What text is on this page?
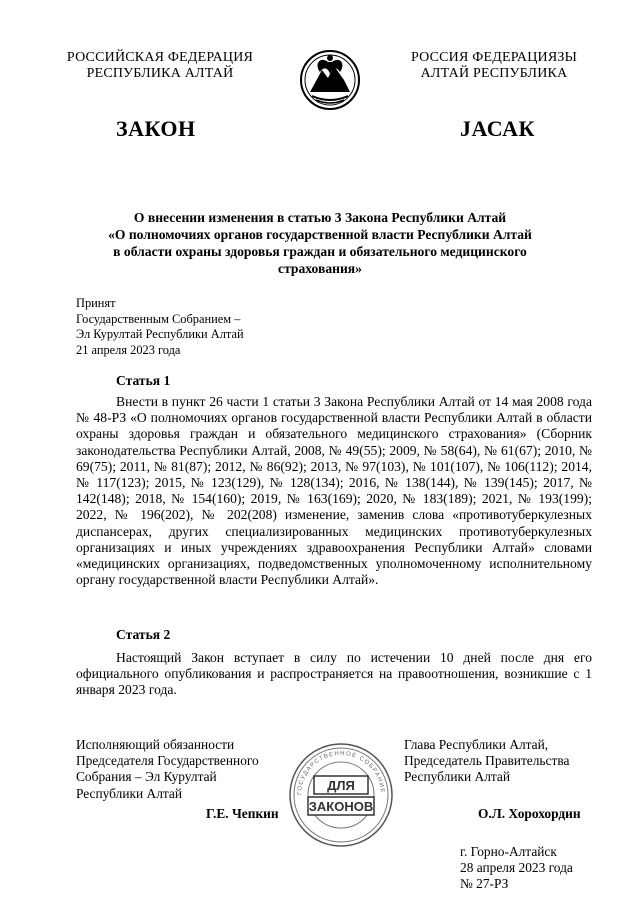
РОССИЙСКАЯ ФЕДЕРАЦИЯ
РЕСПУБЛИКА АЛТАЙ
РОССИЯ ФЕДЕРАЦИЯЗЫ
АЛТАЙ РЕСПУБЛИКА
ЗАКОН	ЈАСАК
О внесении изменения в статью 3 Закона Республики Алтай
«О полномочиях органов государственной власти Республики Алтай
в области охраны здоровья граждан и обязательного медицинского
страхования»
Принят
Государственным Собранием –
Эл Курултай Республики Алтай
21 апреля 2023 года
Статья 1

Внести в пункт 26 части 1 статьи 3 Закона Республики Алтай от 14 мая 2008 года № 48-РЗ «О полномочиях органов государственной власти Республики Алтай в области охраны здоровья граждан и обязательного медицинского страхования» (Сборник законодательства Республики Алтай, 2008, № 49(55); 2009, № 58(64), № 61(67); 2010, № 69(75); 2011, № 81(87); 2012, № 86(92); 2013, № 97(103), № 101(107), № 106(112); 2014, № 117(123); 2015, № 123(129), № 128(134); 2016, № 138(144), № 139(145); 2017, № 142(148); 2018, № 154(160); 2019, № 163(169); 2020, № 183(189); 2021, № 193(199); 2022, № 196(202), № 202(208) изменение, заменив слова «противотуберкулезных диспансерах, других специализированных медицинских противотуберкулезных организациях и иных учреждениях здравоохранения Республики Алтай» словами «медицинских организациях, подведомственных уполномоченному исполнительному органу государственной власти Республики Алтай».

Статья 2

Настоящий Закон вступает в силу по истечении 10 дней после дня его официального опубликования и распространяется на правоотношения, возникшие с 1 января 2023 года.

Исполняющий обязанности
Председателя Государственного
Собрания – Эл Курултай
Республики Алтай
Г.Е. Чепкин
ГОСУДАРСТВЕННОЕ СОБРАНИЕ
ДЛЯ
ЗАКОНОВ
Глава Республики Алтай,
Председатель Правительства
Республики Алтай
О.Л. Хорохордин
г. Горно-Алтайск
28 апреля 2023 года
№ 27-РЗ
